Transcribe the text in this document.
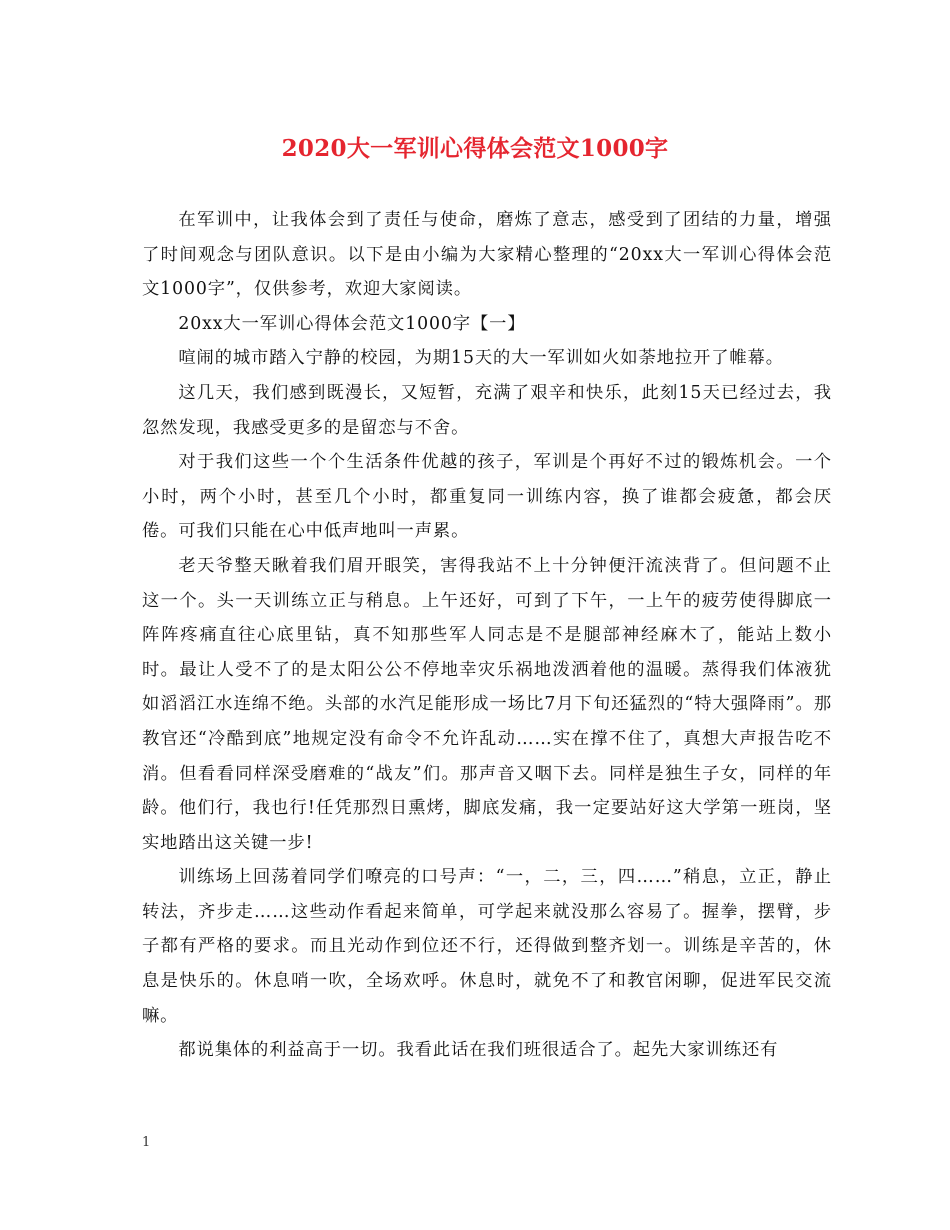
2020大一军训心得体会范文1000字

在军训中，让我体会到了责任与使命，磨炼了意志，感受到了团结的力量，增强了时间观念与团队意识。以下是由小编为大家精心整理的“20xx大一军训心得体会范文1000字”，仅供参考，欢迎大家阅读。

20xx大一军训心得体会范文1000字【一】

喧闹的城市踏入宁静的校园，为期15天的大一军训如火如荼地拉开了帷幕。

这几天，我们感到既漫长，又短暂，充满了艰辛和快乐，此刻15天已经过去，我忽然发现，我感受更多的是留恋与不舍。

对于我们这些一个个生活条件优越的孩子，军训是个再好不过的锻炼机会。一个小时，两个小时，甚至几个小时，都重复同一训练内容，换了谁都会疲惫，都会厌倦。可我们只能在心中低声地叫一声累。

老天爷整天瞅着我们眉开眼笑，害得我站不上十分钟便汗流浃背了。但问题不止这一个。头一天训练立正与稍息。上午还好，可到了下午，一上午的疲劳使得脚底一阵阵疼痛直往心底里钻，真不知那些军人同志是不是腿部神经麻木了，能站上数小时。最让人受不了的是太阳公公不停地幸灾乐祸地泼洒着他的温暖。蒸得我们体液犹如滔滔江水连绵不绝。头部的水汽足能形成一场比7月下旬还猛烈的“特大强降雨”。那教官还“冷酷到底”地规定没有命令不允许乱动……实在撑不住了，真想大声报告吃不消。但看看同样深受磨难的“战友”们。那声音又咽下去。同样是独生子女，同样的年龄。他们行，我也行!任凭那烈日熏烤，脚底发痛，我一定要站好这大学第一班岗，坚实地踏出这关键一步!

训练场上回荡着同学们嘹亮的口号声：“一，二，三，四……”稍息，立正，静止转法，齐步走……这些动作看起来简单，可学起来就没那么容易了。握拳，摆臂，步子都有严格的要求。而且光动作到位还不行，还得做到整齐划一。训练是辛苦的，休息是快乐的。休息哨一吹，全场欢呼。休息时，就免不了和教官闲聊，促进军民交流嘛。

都说集体的利益高于一切。我看此话在我们班很适合了。起先大家训练还有

1
